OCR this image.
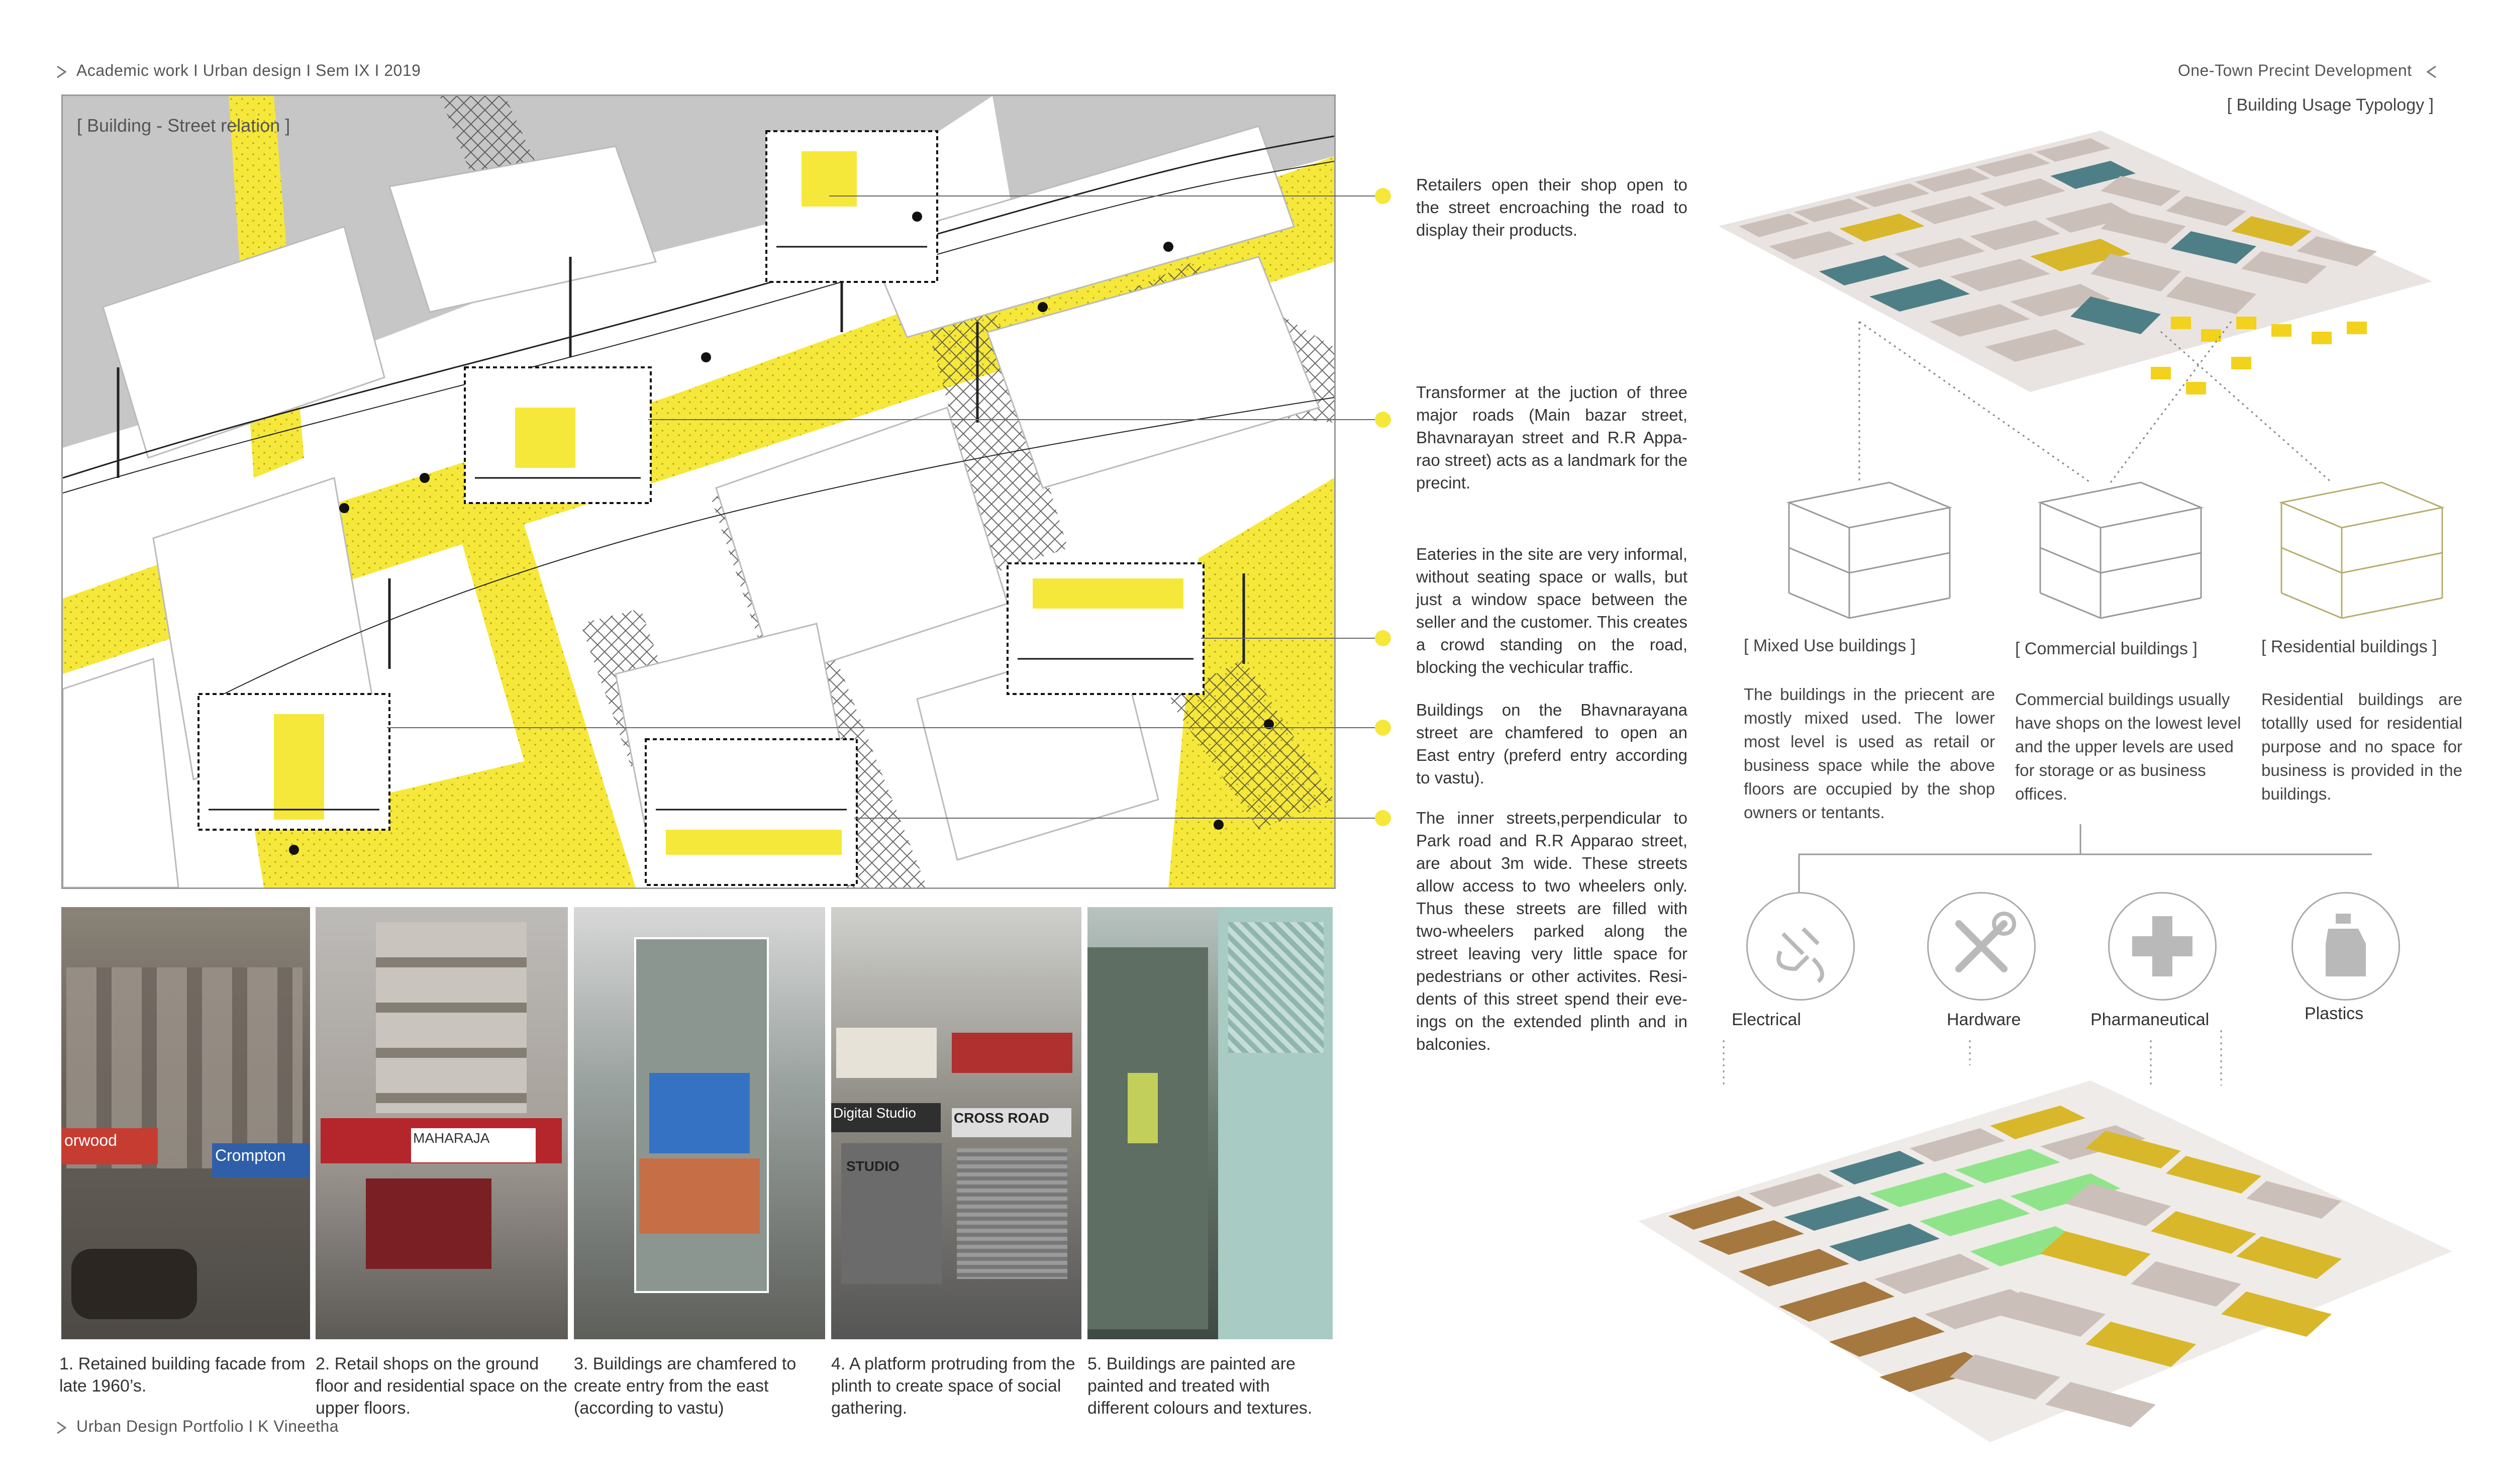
Academic work I Urban design I Sem IX I 2019	One-Town Precint Development
Urban Design Portfolio I K Vineetha
[ Building - Street relation ]
Retailers open their shop open to the street encroaching the road to display their products.
Transformer at the juction of three major roads (Main bazar street, Bhavnarayan street and R.R Appa-rao street) acts as a landmark for the precint.
Eateries in the site are very informal, without seating space or walls, but just a window space between the seller and the customer. This creates a crowd standing on the road, blocking the vechicular traffic.
Buildings on the Bhavnarayana street are chamfered to open an East entry (preferd entry according to vastu).
The inner streets,perpendicular to Park road and R.R Apparao street, are about 3m wide. These streets allow access to two wheelers only. Thus these streets are filled with two-wheelers parked along the street leaving very little space for pedestrians or other activites. Resi-dents of this street spend their eve-ings on the extended plinth and in balconies.
orwood
Crompton
MAHARAJA
Digital Studio	CROSS ROAD
STUDIO
1. Retained building facade from late 1960’s.
2. Retail shops on the ground floor and residential space on the upper floors.
3. Buildings are chamfered to create entry from the east (according to vastu)
4. A platform protruding from the plinth to create space of social gathering.
5. Buildings are painted are painted and treated with different colours and textures.
[ Building Usage Typology ]
[ Mixed Use buildings ]
The buildings in the priecent are mostly mixed used. The lower most level is used as retail or business space while the above floors are occupied by the shop owners or tentants.
[ Commercial buildings ]
Commercial buildings usually have shops on the lowest level and the upper levels are used for storage or as business offices.
[ Residential buildings ]
Residential buildings are totallly used for residential purpose and no space for business is provided in the buildings.
Electrical	Hardware	Pharmaneutical	Plastics
